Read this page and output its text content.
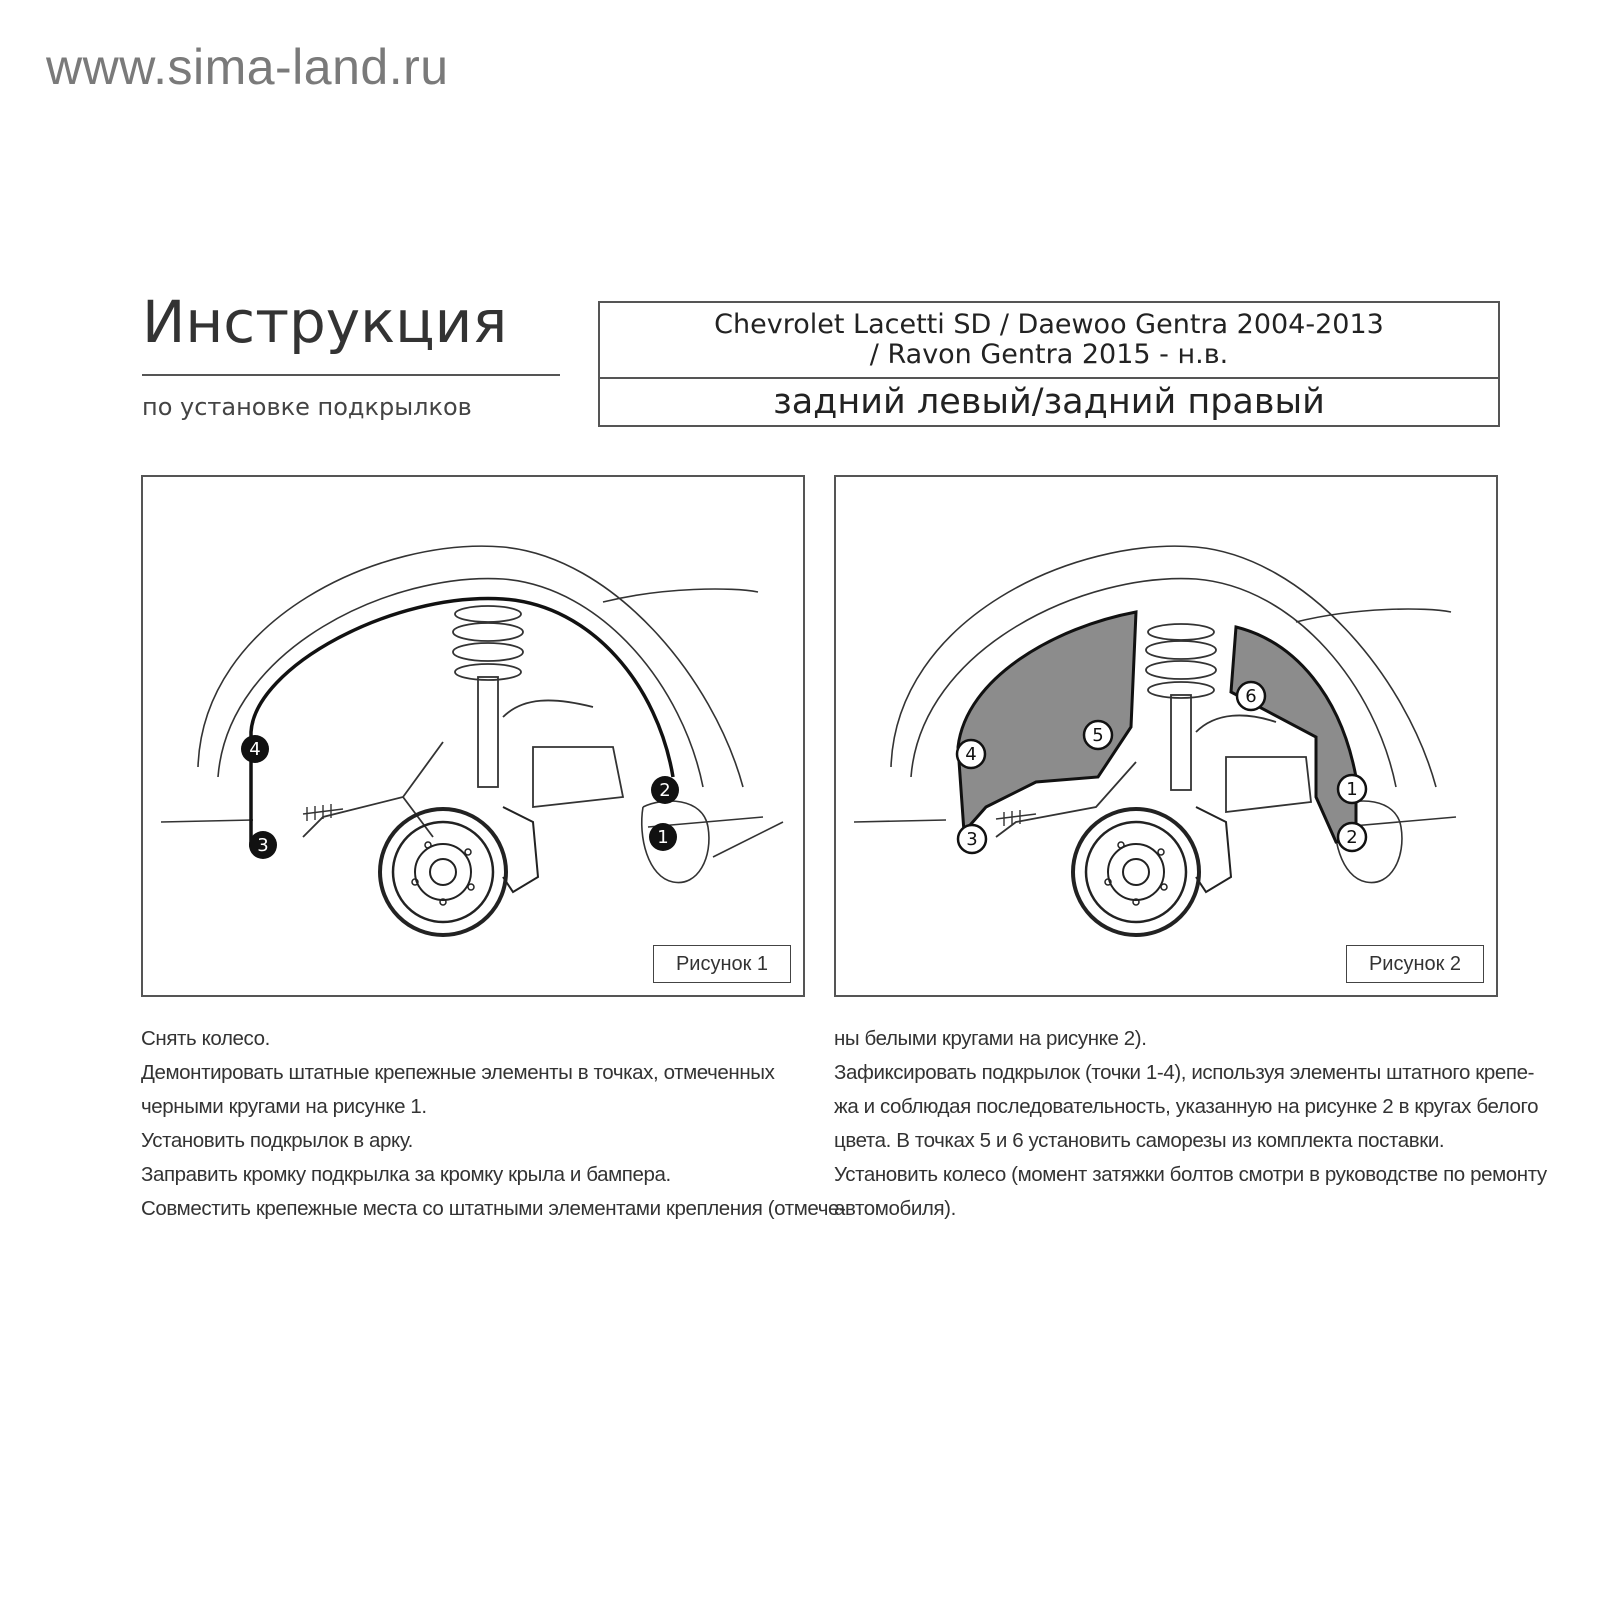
www.sima-land.ru
Инструкция
по установке подкрылков
Chevrolet Lacetti SD / Daewoo Gentra 2004-2013
/ Ravon Gentra 2015 - н.в.
задний левый/задний правый
1
2
3
4
Рисунок 1
1
2
3
4
5
6
Рисунок 2

Снять колесо.

Демонтировать штатные крепежные элементы в точках, отмеченных

черными кругами на рисунке 1.

Установить подкрылок в арку.

Заправить кромку подкрылка за кромку крыла и бампера.

Совместить крепежные места со штатными элементами крепления (отмече-

ны белыми кругами на рисунке 2).

Зафиксировать подкрылок (точки 1-4), используя элементы штатного крепе-

жа и соблюдая последовательность, указанную на рисунке 2 в кругах белого

цвета. В точках 5 и 6 установить саморезы из комплекта поставки.

Установить колесо (момент затяжки болтов смотри в руководстве по ремонту

автомобиля).
